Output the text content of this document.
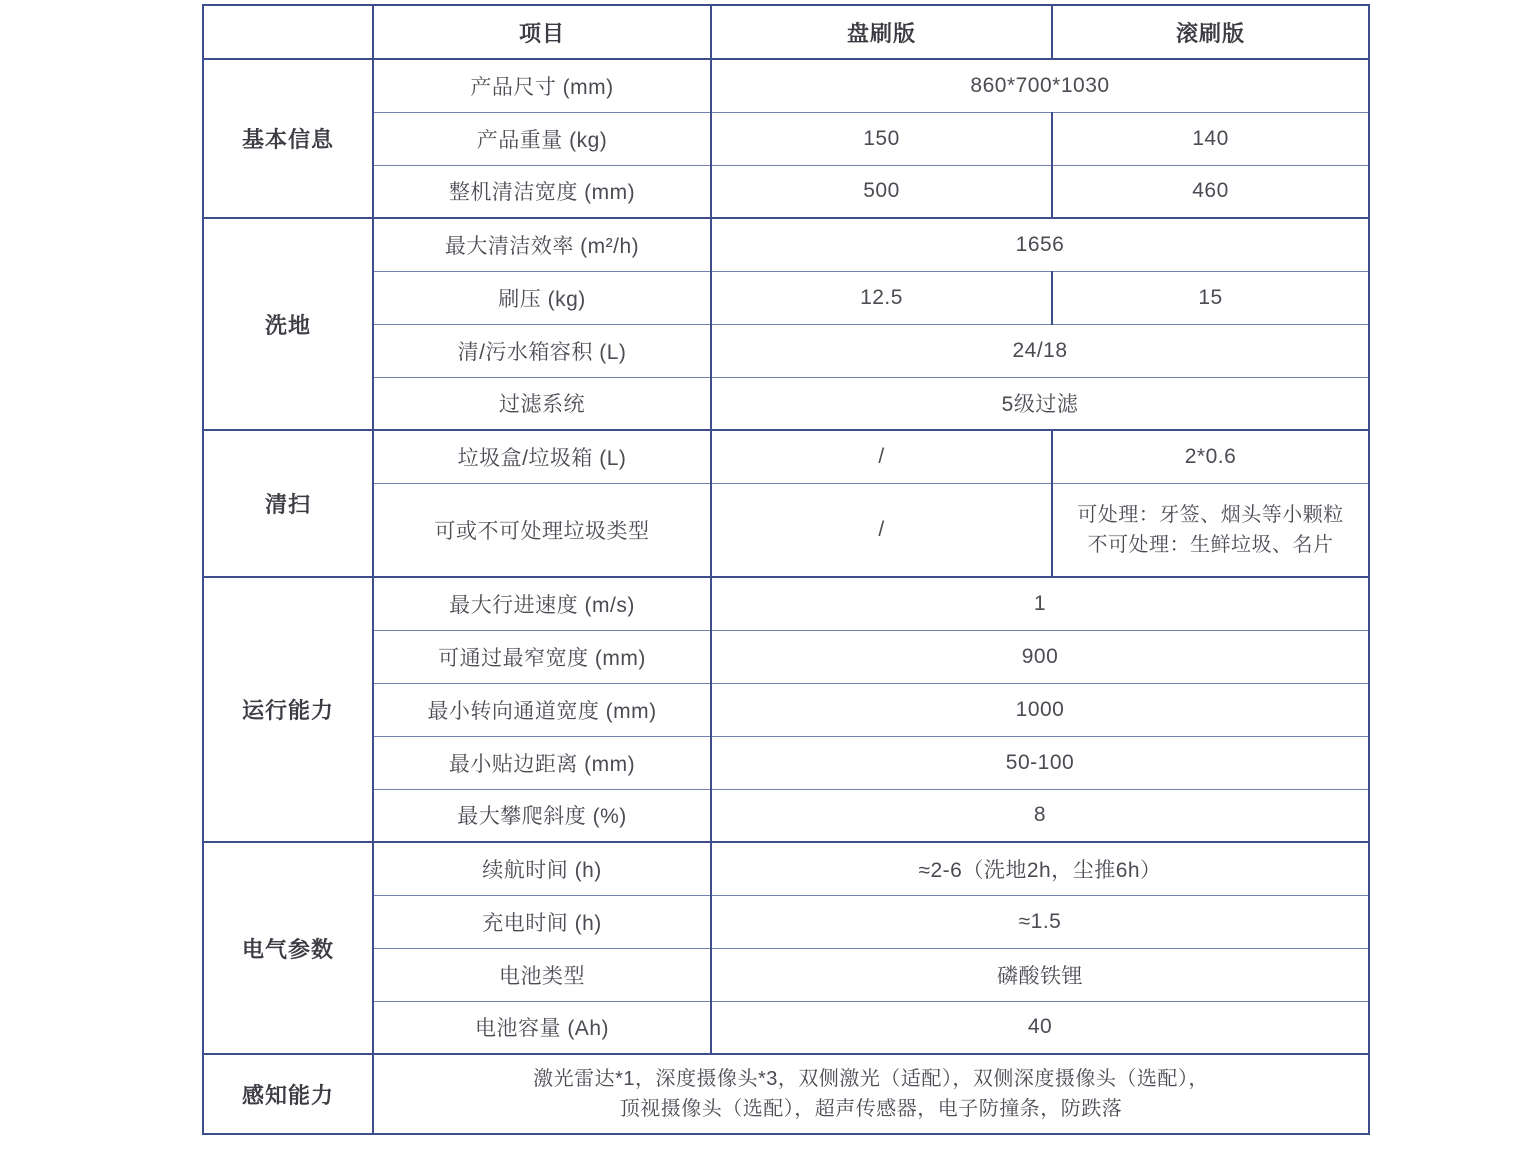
	项目	盘刷版	滚刷版
基本信息	产品尺寸 (mm)	860*700*1030	
	产品重量 (kg)	150	140
	整机清洁宽度 (mm)	500	460
洗地	最大清洁效率 (m²/h)	1656	
	刷压 (kg)	12.5	15
	清/污水箱容积 (L)	24/18	
	过滤系统	5级过滤	
清扫	垃圾盒/垃圾箱 (L)	/	2*0.6
	可或不可处理垃圾类型	/	可处理：牙签、烟头等小颗粒
不可处理：生鲜垃圾、名片

运行能力	最大行进速度 (m/s)	1	
	可通过最窄宽度 (mm)	900	
	最小转向通道宽度 (mm)	1000	
	最小贴边距离 (mm)	50-100	
	最大攀爬斜度 (%)	8	
电气参数	续航时间 (h)	≈2-6（洗地2h，尘推6h）	
	充电时间 (h)	≈1.5	
	电池类型	磷酸铁锂	
	电池容量 (Ah)	40	
感知能力	激光雷达*1，深度摄像头*3，双侧激光（适配），双侧深度摄像头（选配），
顶视摄像头（选配），超声传感器，电子防撞条，防跌落		
